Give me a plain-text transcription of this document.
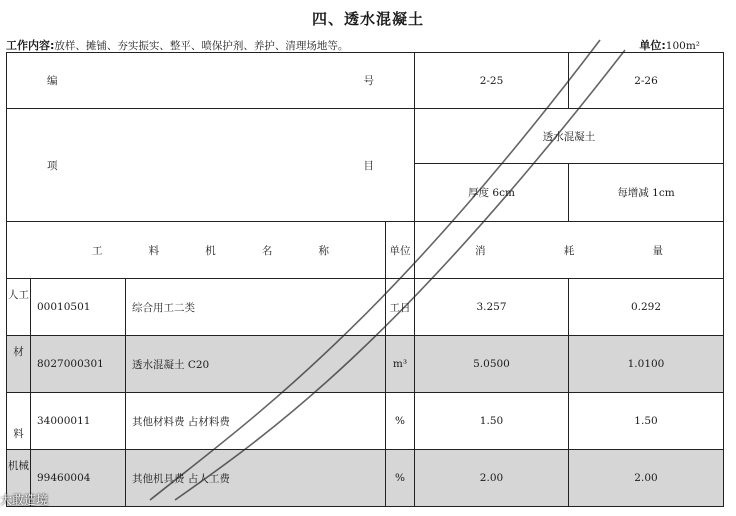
四、透水混凝土
工作内容:放样、摊铺、夯实振实、整平、喷保护剂、养护、清理场地等。	单位:100m²
编 号				2-25	2-26

项 目				透水混凝土	
				厚度 6cm	每增减 1cm

工 料 机 名 称			单位	消 耗 量	

人工	00010501	综合用工二类	工日	3.257	0.292
材	8027000301	透水混凝土 C20	m³	5.0500	1.0100
料	34000011	其他材料费 占材料费	%	1.50	1.50
机械	99460004	其他机具费 占人工费	%	2.00	2.00
大敢造境
